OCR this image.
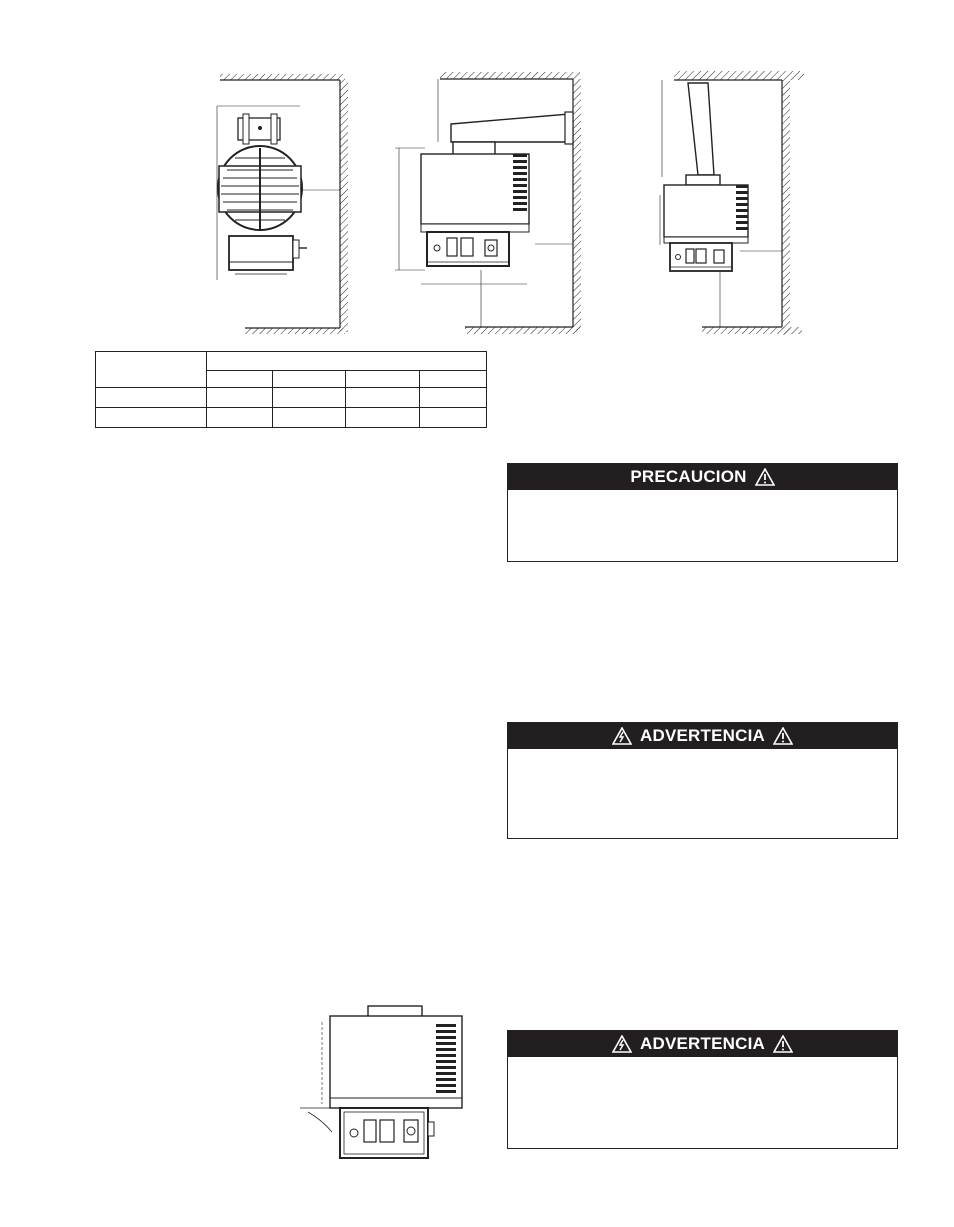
PRECAUCION
ADVERTENCIA
ADVERTENCIA
